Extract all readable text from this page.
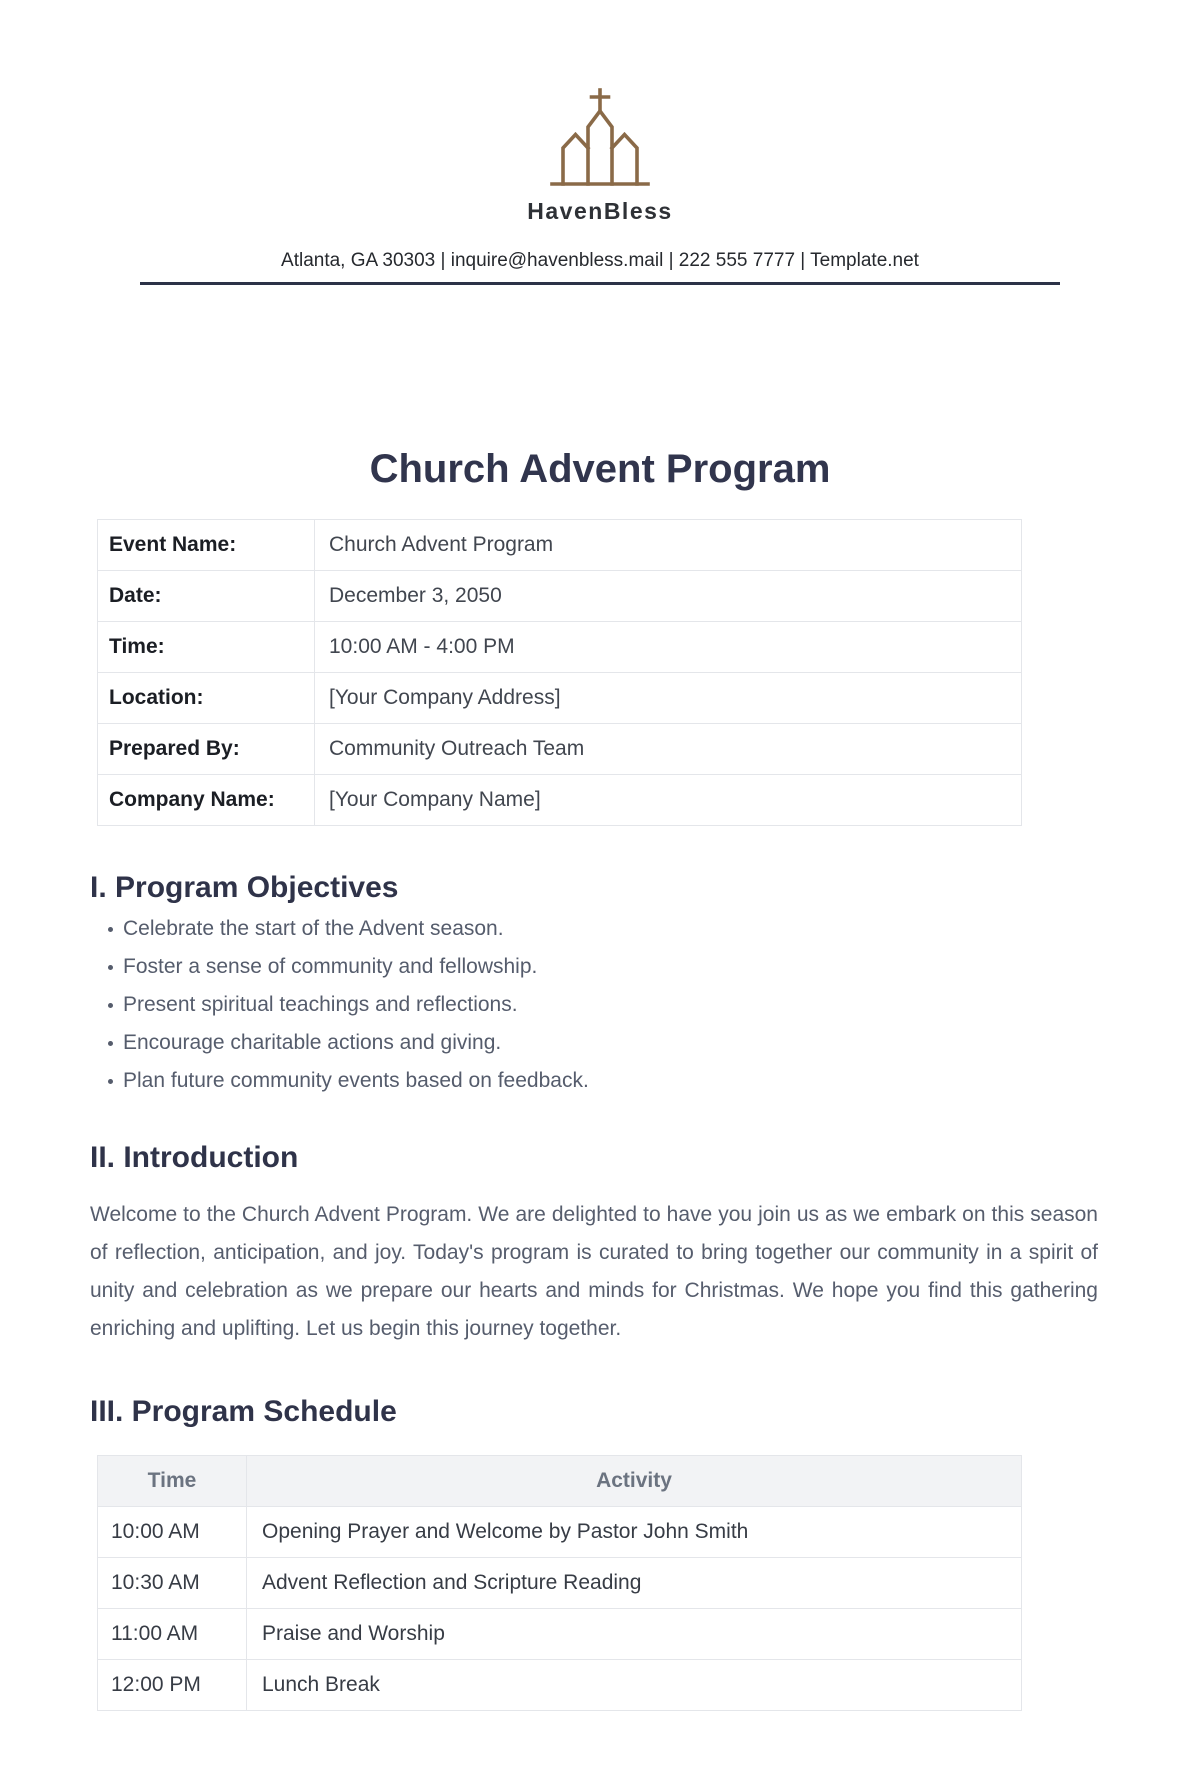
HavenBless
Atlanta, GA 30303 | inquire@havenbless.mail | 222 555 7777 | Template.net
Church Advent Program
Event Name:	Church Advent Program
Date:	December 3, 2050
Time:	10:00 AM - 4:00 PM
Location:	[Your Company Address]
Prepared By:	Community Outreach Team
Company Name:	[Your Company Name]
I. Program Objectives
Celebrate the start of the Advent season.
Foster a sense of community and fellowship.
Present spiritual teachings and reflections.
Encourage charitable actions and giving.
Plan future community events based on feedback.
II. Introduction

Welcome to the Church Advent Program. We are delighted to have you join us as we embark on this season of reflection, anticipation, and joy. Today's program is curated to bring together our community in a spirit of unity and celebration as we prepare our hearts and minds for Christmas. We hope you find this gathering enriching and uplifting. Let us begin this journey together.

III. Program Schedule
Time	Activity
10:00 AM	Opening Prayer and Welcome by Pastor John Smith
10:30 AM	Advent Reflection and Scripture Reading
11:00 AM	Praise and Worship
12:00 PM	Lunch Break
